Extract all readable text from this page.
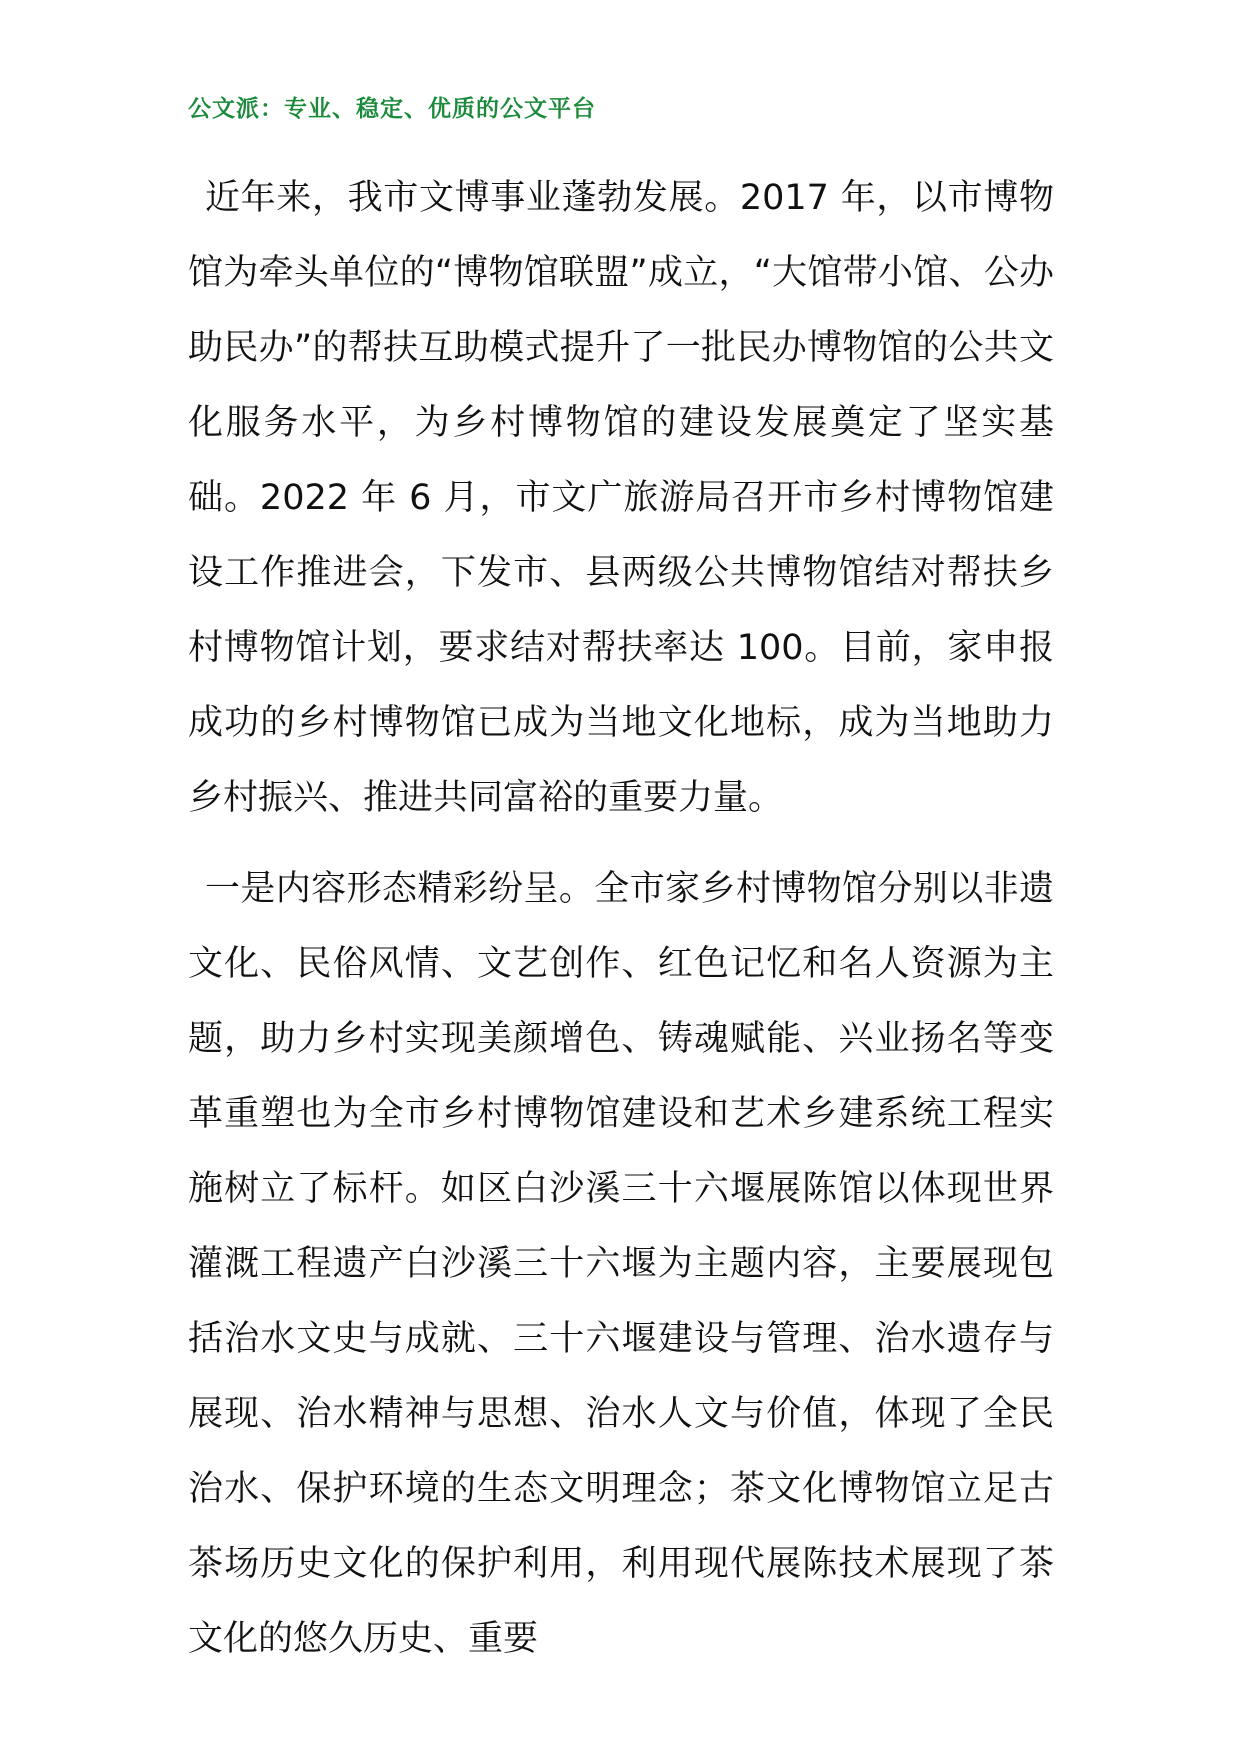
公文派：专业、稳定、优质的公文平台

近年来，我市文博事业蓬勃发展。2017 年，以市博物馆为牵头单位的“博物馆联盟”成立，“大馆带小馆、公办助民办”的帮扶互助模式提升了一批民办博物馆的公共文化服务水平，为乡村博物馆的建设发展奠定了坚实基础。2022 年 6 月，市文广旅游局召开市乡村博物馆建设工作推进会，下发市、县两级公共博物馆结对帮扶乡村博物馆计划，要求结对帮扶率达 100。目前，家申报成功的乡村博物馆已成为当地文化地标，成为当地助力乡村振兴、推进共同富裕的重要力量。

一是内容形态精彩纷呈。全市家乡村博物馆分别以非遗文化、民俗风情、文艺创作、红色记忆和名人资源为主题，助力乡村实现美颜增色、铸魂赋能、兴业扬名等变革重塑也为全市乡村博物馆建设和艺术乡建系统工程实施树立了标杆。如区白沙溪三十六堰展陈馆以体现世界灌溉工程遗产白沙溪三十六堰为主题内容，主要展现包括治水文史与成就、三十六堰建设与管理、治水遗存与展现、治水精神与思想、治水人文与价值，体现了全民治水、保护环境的生态文明理念；茶文化博物馆立足古茶场历史文化的保护利用，利用现代展陈技术展现了茶文化的悠久历史、重要
